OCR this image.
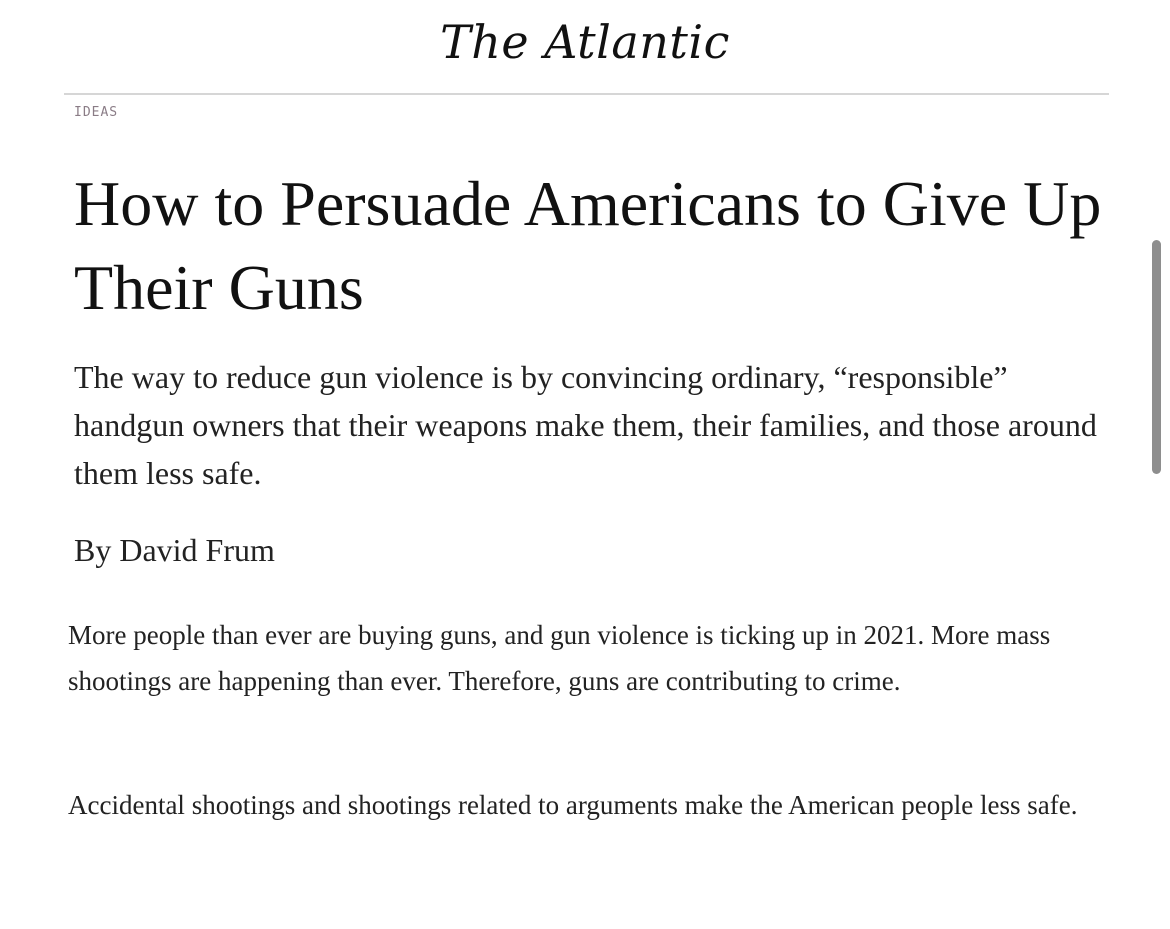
The Atlantic
IDEAS
How to Persuade Americans to Give Up Their Guns

The way to reduce gun violence is by convincing ordinary, “responsible” handgun owners that their weapons make them, their families, and those around them less safe.

By David Frum

More people than ever are buying guns, and gun violence is ticking up in 2021. More mass shootings are happening than ever. Therefore, guns are contributing to crime.

Accidental shootings and shootings related to arguments make the American people less safe.
